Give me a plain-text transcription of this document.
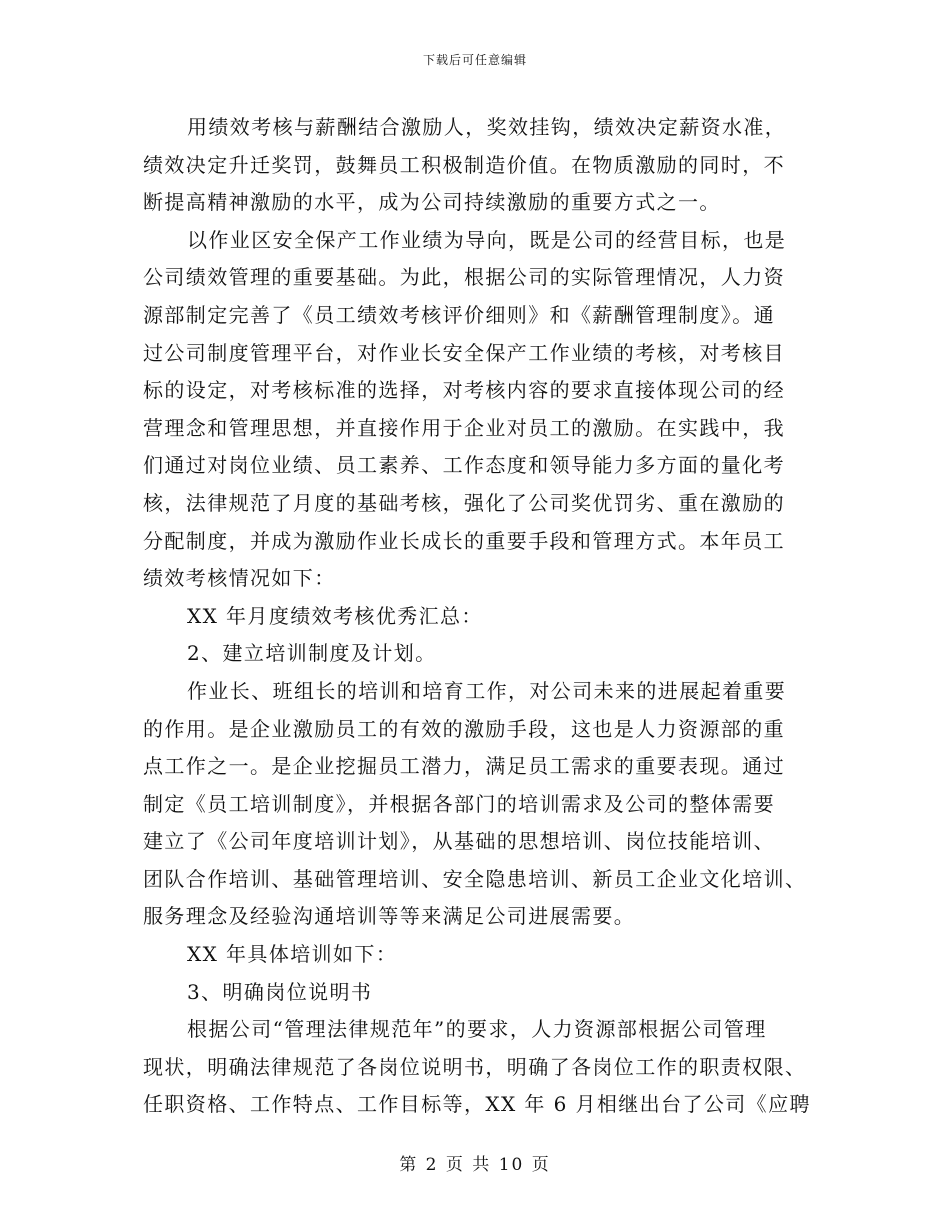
下载后可任意编辑
用绩效考核与薪酬结合激励人，奖效挂钩，绩效决定薪资水准，
绩效决定升迁奖罚，鼓舞员工积极制造价值。在物质激励的同时，不
断提高精神激励的水平，成为公司持续激励的重要方式之一。
以作业区安全保产工作业绩为导向，既是公司的经营目标，也是
公司绩效管理的重要基础。为此，根据公司的实际管理情况，人力资
源部制定完善了《员工绩效考核评价细则》和《薪酬管理制度》。通
过公司制度管理平台，对作业长安全保产工作业绩的考核，对考核目
标的设定，对考核标准的选择，对考核内容的要求直接体现公司的经
营理念和管理思想，并直接作用于企业对员工的激励。在实践中，我
们通过对岗位业绩、员工素养、工作态度和领导能力多方面的量化考
核，法律规范了月度的基础考核，强化了公司奖优罚劣、重在激励的
分配制度，并成为激励作业长成长的重要手段和管理方式。本年员工
绩效考核情况如下：
XX 年月度绩效考核优秀汇总：
2、建立培训制度及计划。
作业长、班组长的培训和培育工作，对公司未来的进展起着重要
的作用。是企业激励员工的有效的激励手段，这也是人力资源部的重
点工作之一。是企业挖掘员工潜力，满足员工需求的重要表现。通过
制定《员工培训制度》，并根据各部门的培训需求及公司的整体需要
建立了《公司年度培训计划》，从基础的思想培训、岗位技能培训、
团队合作培训、基础管理培训、安全隐患培训、新员工企业文化培训、
服务理念及经验沟通培训等等来满足公司进展需要。
XX 年具体培训如下：
3、明确岗位说明书
根据公司“管理法律规范年”的要求，人力资源部根据公司管理
现状，明确法律规范了各岗位说明书，明确了各岗位工作的职责权限、
任职资格、工作特点、工作目标等，XX 年 6 月相继出台了公司《应聘
第 2 页 共 10 页
